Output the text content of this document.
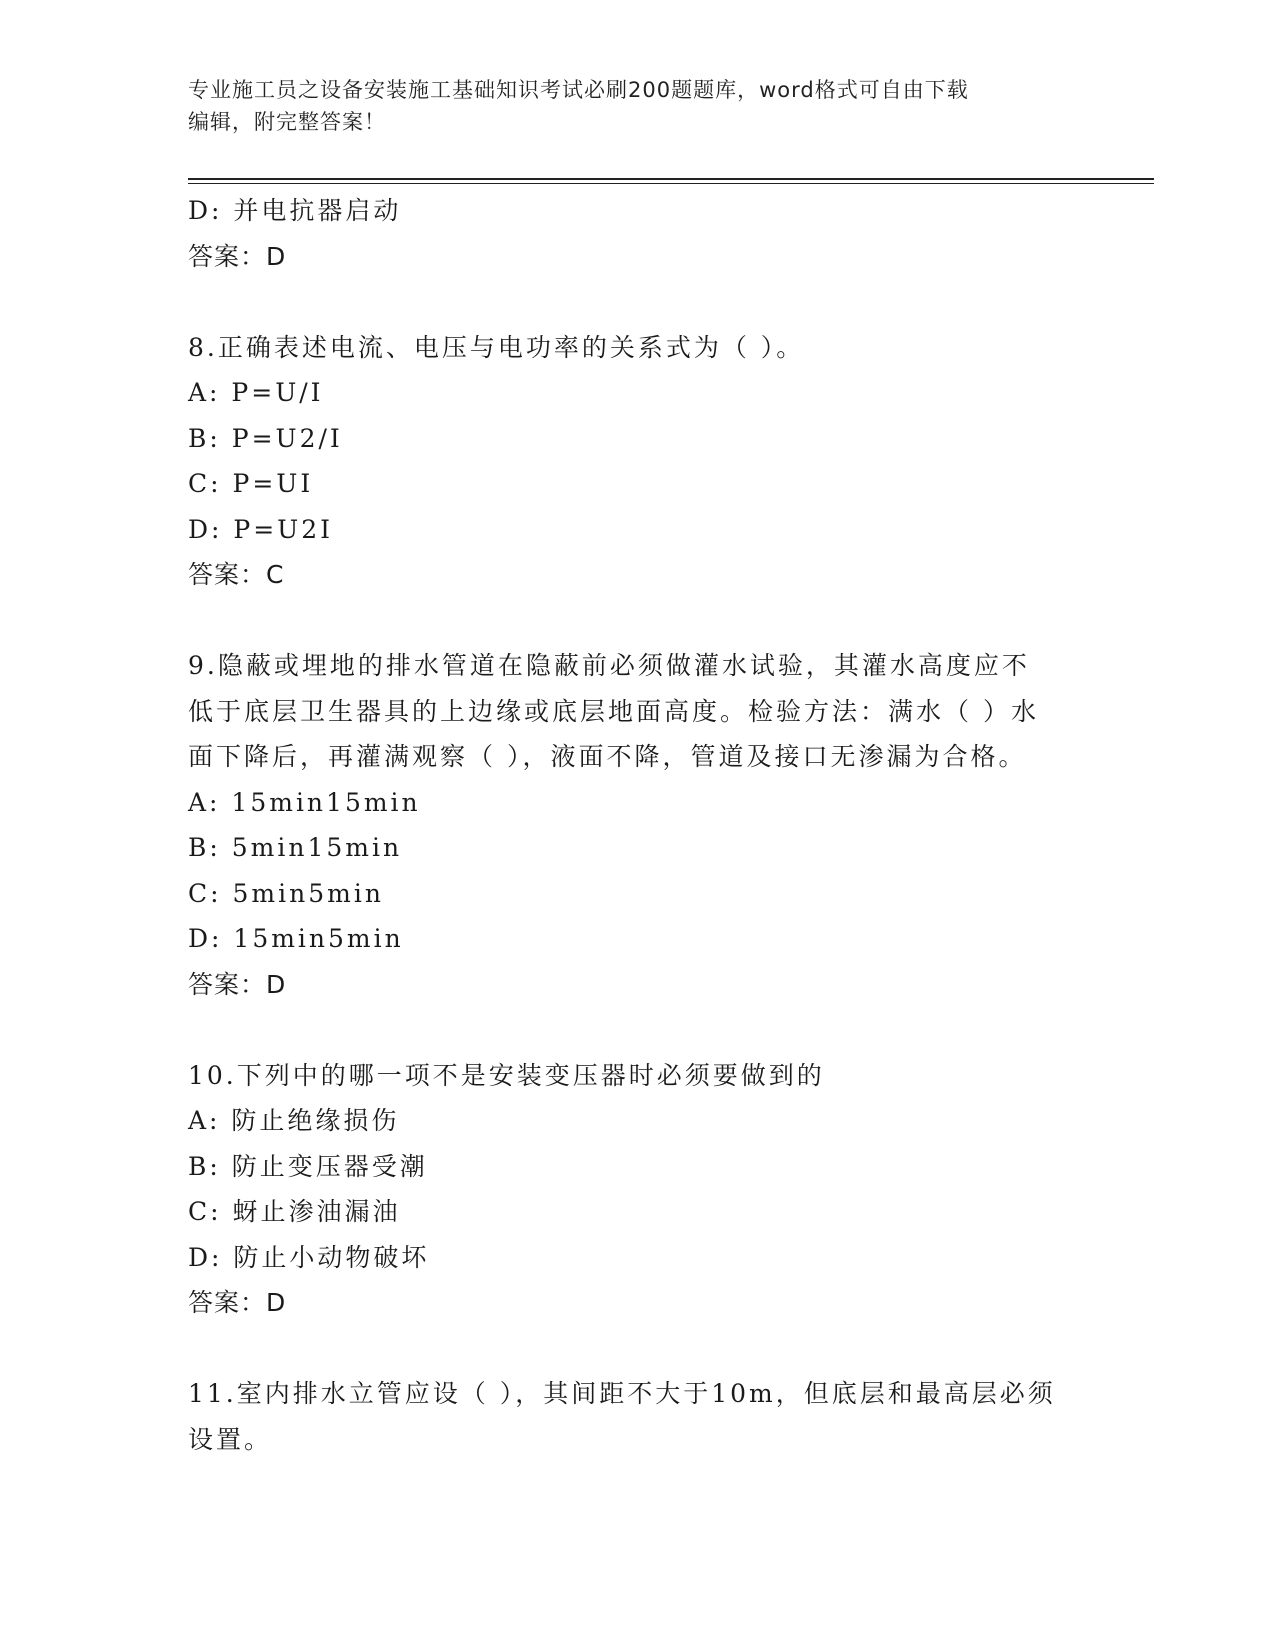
专业施工员之设备安装施工基础知识考试必刷200题题库，word格式可自由下载
编辑，附完整答案！
D: 并电抗器启动
答案：D
8.正确表述电流、电压与电功率的关系式为（ ）。
A: P=U/I
B: P=U2/I
C: P=UI
D: P=U2I
答案：C
9.隐蔽或埋地的排水管道在隐蔽前必须做灌水试验，其灌水高度应不
低于底层卫生器具的上边缘或底层地面高度。检验方法：满水（ ）水
面下降后，再灌满观察（ ），液面不降，管道及接口无渗漏为合格。
A: 15min15min
B: 5min15min
C: 5min5min
D: 15min5min
答案：D
10.下列中的哪一项不是安装变压器时必须要做到的
A: 防止绝缘损伤
B: 防止变压器受潮
C: 蚜止渗油漏油
D: 防止小动物破坏
答案：D
11.室内排水立管应设（ ），其间距不大于10m，但底层和最高层必须
设置。
